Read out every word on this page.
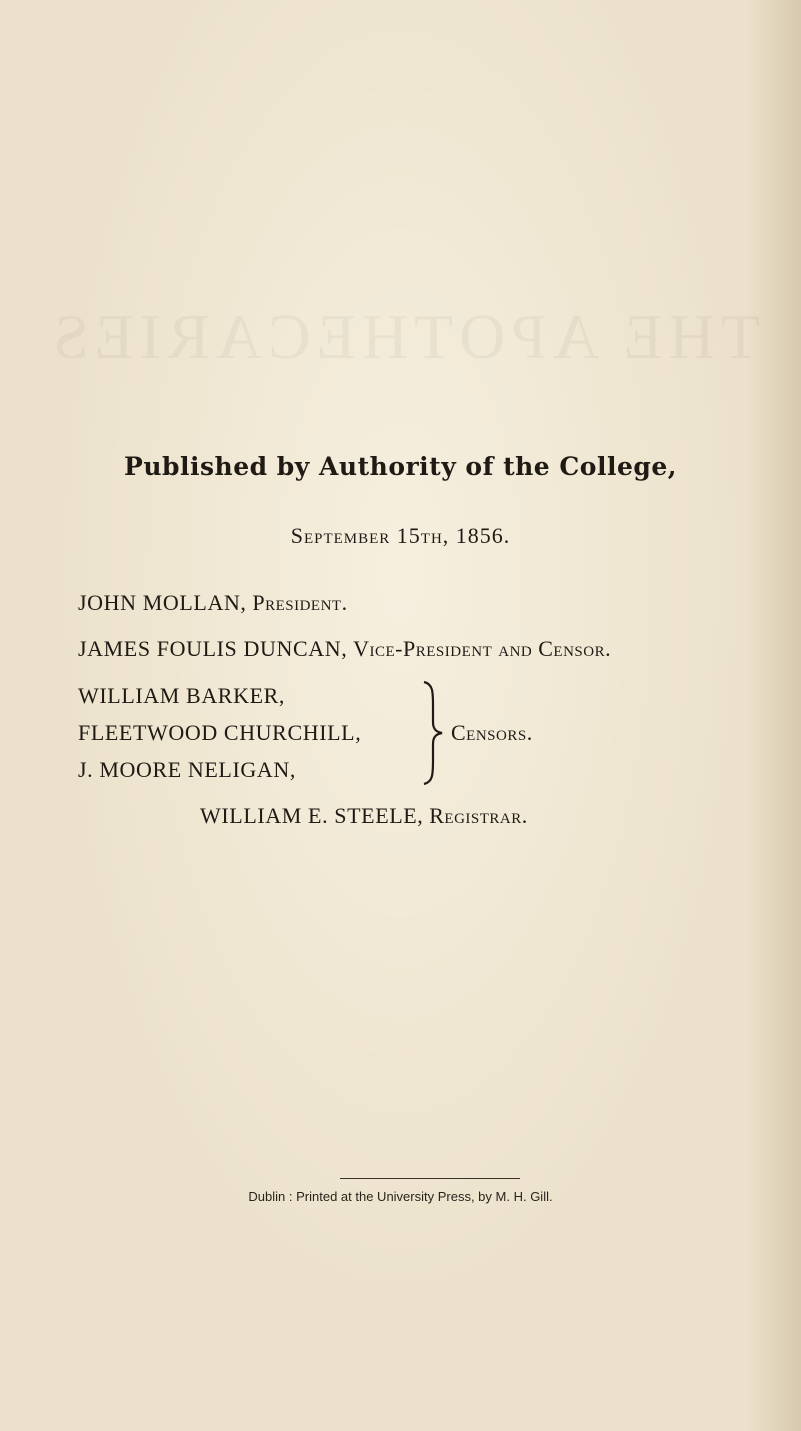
THE APOTHECARIES
Published by Authority of the College,
September 15th, 1856.
JOHN MOLLAN, President.
JAMES FOULIS DUNCAN, Vice-President and Censor.
WILLIAM BARKER,
FLEETWOOD CHURCHILL,
J. MOORE NELIGAN,
Censors.
WILLIAM E. STEELE, Registrar.
Dublin : Printed at the University Press, by M. H. Gill.
